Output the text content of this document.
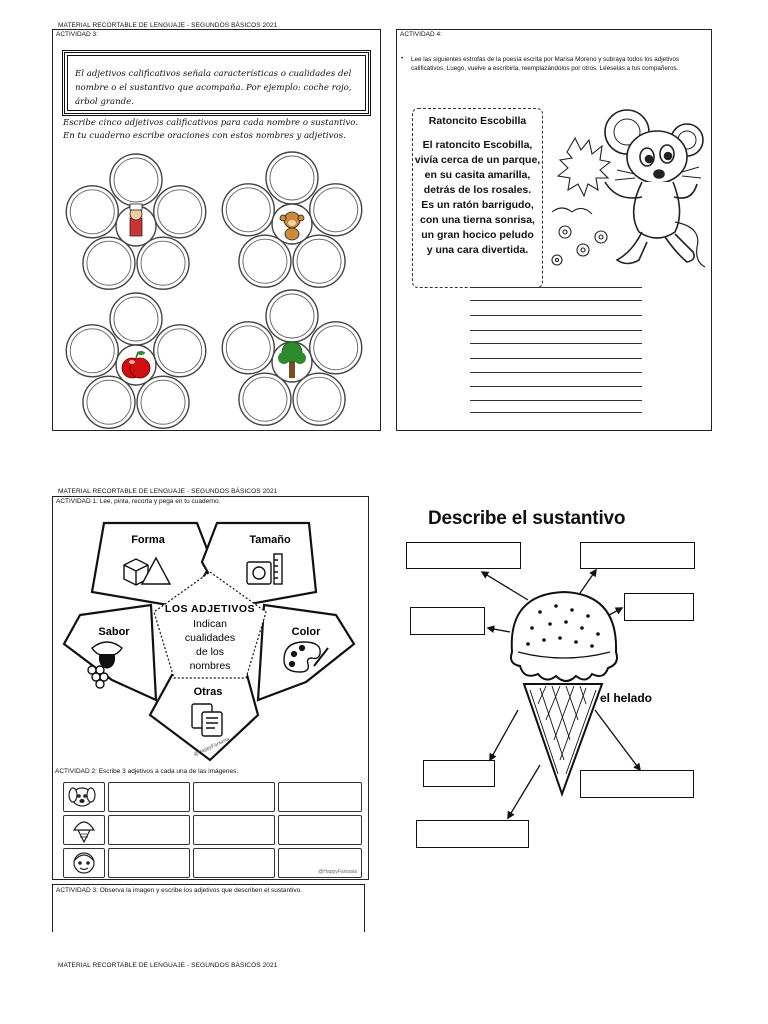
MATERIAL RECORTABLE DE LENGUAJE - SEGUNDOS BÁSICOS 2021
ACTIVIDAD 3:
El adjetivos calificativos señala características o cualidades del nombre o el sustantivo que acompaña. Por ejemplo: coche rojo, árbol grande.
Escribe cinco adjetivos calificativos para cada nombre o sustantivo.
En tu cuaderno escribe oraciones con estos nombres y adjetivos.
ACTIVIDAD 4:
• Lee las siguientes estrofas de la poesía escrita por Marisa Moreno y subraya todos los adjetivos calificativos. Luego, vuelve a escribirla, reemplazándolos por otros. Léeselas a tus compañeros.
Ratoncito Escobilla
El ratoncito Escobilla,
vivía cerca de un parque,
en su casita amarilla,
detrás de los rosales.
Es un ratón barrigudo,
con una tierna sonrisa,
un gran hocico peludo
y una cara divertida.
MATERIAL RECORTABLE DE LENGUAJE - SEGUNDOS BÁSICOS 2021
ACTIVIDAD 1: Lee, pinta, recorta y pega en tu cuaderno.
Forma	Tamaño
Sabor	Color
Otras
LOS ADJETIVOS
Indican
cualidades
de los
nombres
@HappyFantasia
ACTIVIDAD 2: Escribe 3 adjetivos a cada una de las imágenes.
@HappyFantasia
ACTIVIDAD 3: Observa la imagen y escribe los adjetivos que describen el sustantivo.
MATERIAL RECORTABLE DE LENGUAJE - SEGUNDOS BÁSICOS 2021
Describe el sustantivo
el helado
